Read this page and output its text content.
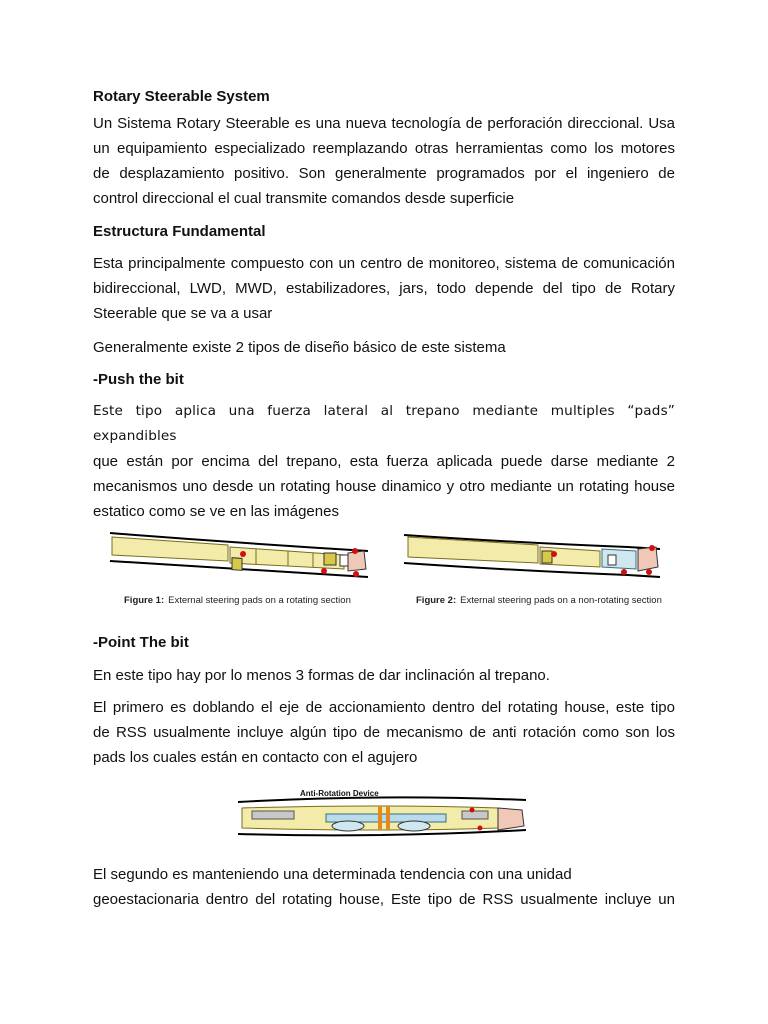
Rotary Steerable System
Un Sistema Rotary Steerable es una nueva tecnología de perforación direccional. Usa
un equipamiento especializado reemplazando otras herramientas como los motores
de desplazamiento positivo. Son generalmente programados por el ingeniero de
control direccional el cual transmite comandos desde superficie
Estructura Fundamental
Esta principalmente compuesto con un centro de monitoreo, sistema de comunicación
bidireccional, LWD, MWD, estabilizadores, jars, todo depende del tipo de Rotary
Steerable que se va a usar

Generalmente existe 2 tipos de diseño básico de este sistema

-Push the bit
Este tipo aplica una fuerza lateral al trepano mediante multiples “pads” expandibles
que están por encima del trepano, esta fuerza aplicada puede darse mediante 2
mecanismos uno desde un rotating house dinamico y otro mediante un rotating house
estatico como se ve en las imágenes
Figure 1: External steering pads on a rotating section	Figure 2: External steering pads on a non-rotating section
-Point The bit

En este tipo hay por lo menos 3 formas de dar inclinación al trepano.

El primero es doblando el eje de accionamiento dentro del rotating house, este tipo
de RSS usualmente incluye algún tipo de mecanismo de anti rotación como son los
pads los cuales están en contacto con el agujero
Anti-Rotation Device
El segundo es manteniendo una determinada tendencia con una unidad
geoestacionaria dentro del rotating house, Este tipo de RSS usualmente incluye un
